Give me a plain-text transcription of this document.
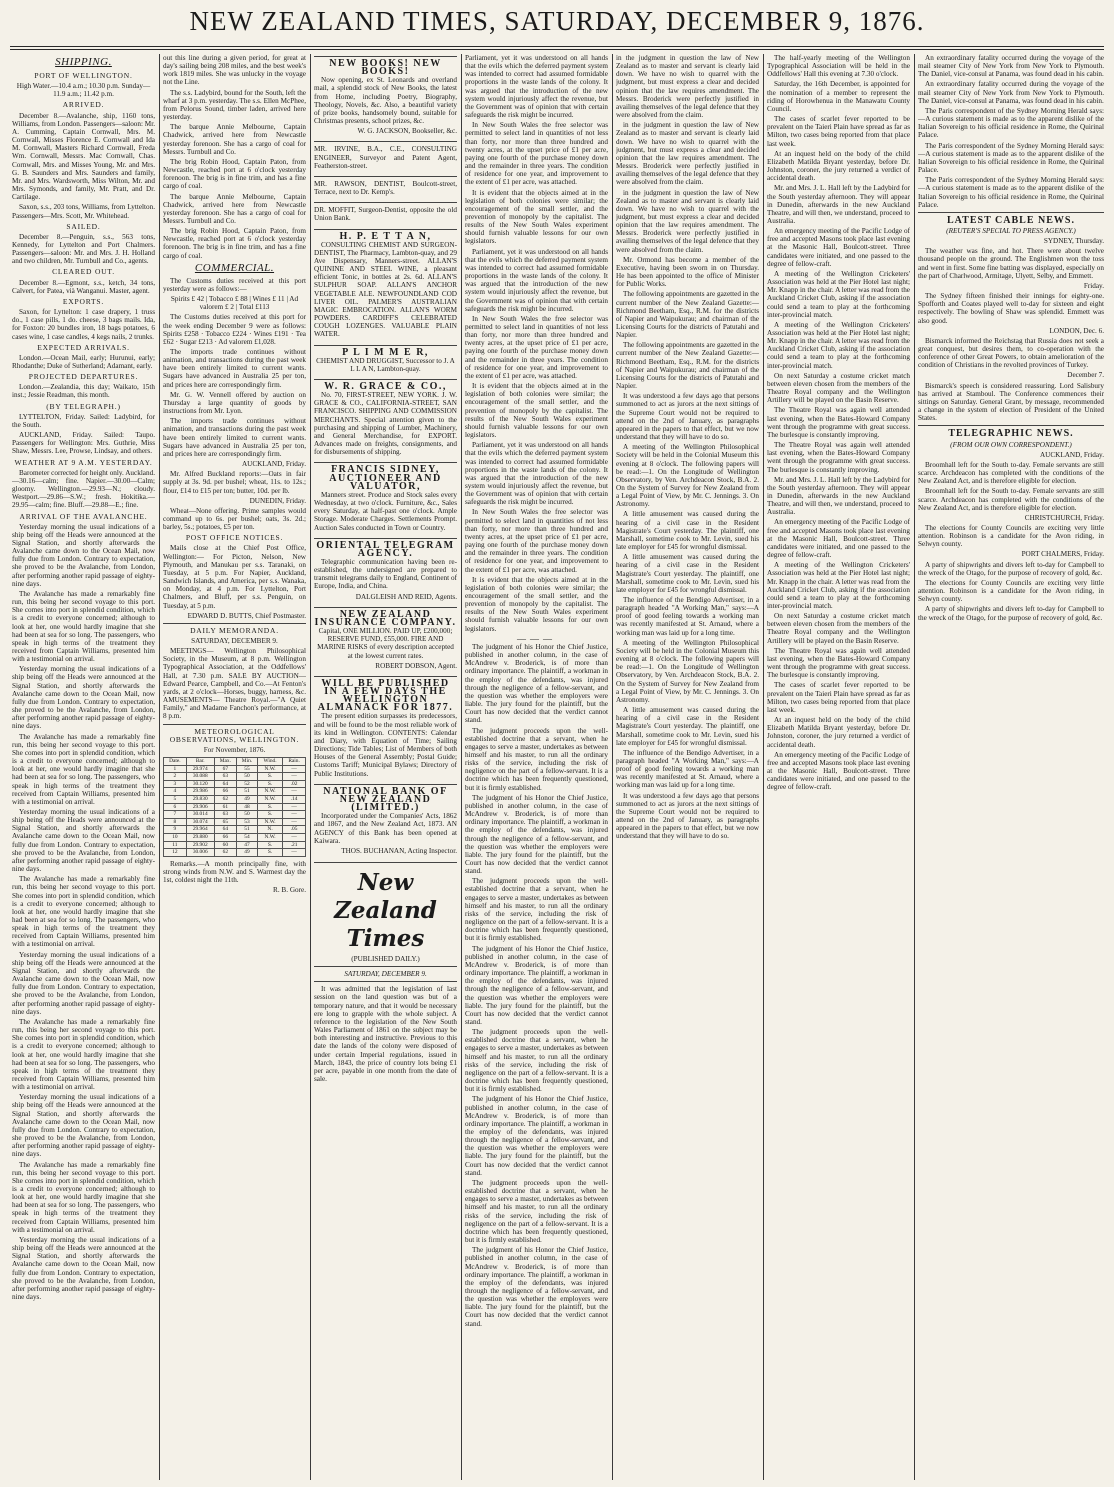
NEW ZEALAND TIMES, SATURDAY, DECEMBER 9, 1876.
SHIPPING.
PORT OF WELLINGTON.

High Water.—10.4 a.m.; 10.30 p.m. Sunday—11.9 a.m.; 11.42 p.m.

ARRIVED.

December 8.—Avalanche, ship, 1160 tons, Williams, from London. Passengers—saloon: Mr. A. Cumming, Captain Cornwall, Mrs. M. Cornwall, Misses Florence E. Cornwall and Ida M. Cornwall, Masters Richard Cornwall, Freda Wm. Cornwall, Messrs. Mac Cornwall, Chas. Cornwall, Mrs. and Misses Young, Mr. and Mrs. G. B. Saunders and Mrs. Saunders and family, Mr. and Mrs. Wardsworth, Miss Wilton, Mr. and Mrs. Symonds, and family, Mr. Pratt, and Dr. Cartilage.

Saxon, s.s., 203 tons, Williams, from Lyttelton. Passengers—Mrs. Scott, Mr. Whitehead.

SAILED.

December 8.—Penguin, s.s., 563 tons, Kennedy, for Lyttelton and Port Chalmers. Passengers—saloon: Mr. and Mrs. J. H. Holland and two children, Mr. Turnbull and Co., agents.

CLEARED OUT.

December 8.—Egmont, s.s., ketch, 34 tons, Calvert, for Patea, vià Wanganui. Master, agent.

EXPORTS.

Saxon, for Lyttelton: 1 case drapery, 1 truss do., 1 case pills, 1 do. cheese, 3 bags mails. Ida, for Foxton: 20 bundles iron, 18 bags potatoes, 6 cases wine, 1 case candles, 4 kegs nails, 2 trunks.

EXPECTED ARRIVALS.

London.—Ocean Mail, early; Hurunui, early; Rhodanthe; Duke of Sutherland; Adamant, early.

PROJECTED DEPARTURES.

London.—Zealandia, this day; Waikato, 15th inst.; Jessie Readman, this month.

(BY TELEGRAPH.)

LYTTELTON, Friday. Sailed: Ladybird, for the South.

AUCKLAND, Friday. Sailed: Taupo. Passengers for Wellington: Mrs. Guthrie, Miss Shaw, Messrs. Lee, Prowse, Lindsay, and others.

WEATHER AT 9 A.M. YESTERDAY.

Barometer corrected for height only. Auckland.—30.16—calm; fine. Napier.—30.00—Calm; gloomy. Wellington.—29.93—N.; cloudy. Westport.—29.86—S.W.; fresh. Hokitika.—29.95—calm; fine. Bluff.—29.88—E.; fine.

ARRIVAL OF THE AVALANCHE.

Yesterday morning the usual indications of a ship being off the Heads were announced at the Signal Station, and shortly afterwards the Avalanche came down to the Ocean Mail, now fully due from London. Contrary to expectation, she proved to be the Avalanche, from London, after performing another rapid passage of eighty-nine days.

The Avalanche has made a remarkably fine run, this being her second voyage to this port. She comes into port in splendid condition, which is a credit to everyone concerned; although to look at her, one would hardly imagine that she had been at sea for so long. The passengers, who speak in high terms of the treatment they received from Captain Williams, presented him with a testimonial on arrival.

Yesterday morning the usual indications of a ship being off the Heads were announced at the Signal Station, and shortly afterwards the Avalanche came down to the Ocean Mail, now fully due from London. Contrary to expectation, she proved to be the Avalanche, from London, after performing another rapid passage of eighty-nine days.

The Avalanche has made a remarkably fine run, this being her second voyage to this port. She comes into port in splendid condition, which is a credit to everyone concerned; although to look at her, one would hardly imagine that she had been at sea for so long. The passengers, who speak in high terms of the treatment they received from Captain Williams, presented him with a testimonial on arrival.

Yesterday morning the usual indications of a ship being off the Heads were announced at the Signal Station, and shortly afterwards the Avalanche came down to the Ocean Mail, now fully due from London. Contrary to expectation, she proved to be the Avalanche, from London, after performing another rapid passage of eighty-nine days.

The Avalanche has made a remarkably fine run, this being her second voyage to this port. She comes into port in splendid condition, which is a credit to everyone concerned; although to look at her, one would hardly imagine that she had been at sea for so long. The passengers, who speak in high terms of the treatment they received from Captain Williams, presented him with a testimonial on arrival.

Yesterday morning the usual indications of a ship being off the Heads were announced at the Signal Station, and shortly afterwards the Avalanche came down to the Ocean Mail, now fully due from London. Contrary to expectation, she proved to be the Avalanche, from London, after performing another rapid passage of eighty-nine days.

The Avalanche has made a remarkably fine run, this being her second voyage to this port. She comes into port in splendid condition, which is a credit to everyone concerned; although to look at her, one would hardly imagine that she had been at sea for so long. The passengers, who speak in high terms of the treatment they received from Captain Williams, presented him with a testimonial on arrival.

Yesterday morning the usual indications of a ship being off the Heads were announced at the Signal Station, and shortly afterwards the Avalanche came down to the Ocean Mail, now fully due from London. Contrary to expectation, she proved to be the Avalanche, from London, after performing another rapid passage of eighty-nine days.

The Avalanche has made a remarkably fine run, this being her second voyage to this port. She comes into port in splendid condition, which is a credit to everyone concerned; although to look at her, one would hardly imagine that she had been at sea for so long. The passengers, who speak in high terms of the treatment they received from Captain Williams, presented him with a testimonial on arrival.

Yesterday morning the usual indications of a ship being off the Heads were announced at the Signal Station, and shortly afterwards the Avalanche came down to the Ocean Mail, now fully due from London. Contrary to expectation, she proved to be the Avalanche, from London, after performing another rapid passage of eighty-nine days.

out this line during a given period, for great at day's sailing being 208 miles, and the best week's work 1819 miles. She was unlucky in the voyage not the Line.

The s.s. Ladybird, bound for the South, left the wharf at 3 p.m. yesterday. The s.s. Ellen McPhee, from Pelorus Sound, timber laden, arrived here yesterday.

The barque Annie Melbourne, Captain Chadwick, arrived here from Newcastle yesterday forenoon. She has a cargo of coal for Messrs. Turnbull and Co.

The brig Robin Hood, Captain Paton, from Newcastle, reached port at 6 o'clock yesterday forenoon. The brig is in fine trim, and has a fine cargo of coal.

The barque Annie Melbourne, Captain Chadwick, arrived here from Newcastle yesterday forenoon. She has a cargo of coal for Messrs. Turnbull and Co.

The brig Robin Hood, Captain Paton, from Newcastle, reached port at 6 o'clock yesterday forenoon. The brig is in fine trim, and has a fine cargo of coal.

COMMERCIAL.

The Customs duties received at this port yesterday were as follows:—

Spirits £ 42 | Tobacco £ 88 | Wines £ 11 | Ad valorem £ 2 | Total £113

The Customs duties received at this port for the week ending December 9 were as follows: Spirits £258 · Tobacco £224 · Wines £191 · Tea £62 · Sugar £213 · Ad valorem £1,028.

The imports trade continues without animation, and transactions during the past week have been entirely limited to current wants. Sugars have advanced in Australia 25 per ton, and prices here are correspondingly firm.

Mr. G. W. Vennell offered by auction on Thursday a large quantity of goods by instructions from Mr. Lyon.

The imports trade continues without animation, and transactions during the past week have been entirely limited to current wants. Sugars have advanced in Australia 25 per ton, and prices here are correspondingly firm.

AUCKLAND, Friday.

Mr. Alfred Buckland reports:—Oats in fair supply at 3s. 9d. per bushel; wheat, 11s. to 12s.; flour, £14 to £15 per ton; butter, 10d. per lb.

DUNEDIN, Friday.

Wheat—None offering. Prime samples would command up to 6s. per bushel; oats, 3s. 2d.; barley, 5s.; potatoes, £5 per ton.

POST OFFICE NOTICES.

Mails close at the Chief Post Office, Wellington:— For Picton, Nelson, New Plymouth, and Manukau per s.s. Taranaki, on Tuesday, at 5 p.m. For Napier, Auckland, Sandwich Islands, and America, per s.s. Wanaka, on Monday, at 4 p.m. For Lyttelton, Port Chalmers, and Bluff, per s.s. Penguin, on Tuesday, at 5 p.m.

EDWARD D. BUTTS, Chief Postmaster.

DAILY MEMORANDA.

SATURDAY, DECEMBER 9.

MEETINGS— Wellington Philosophical Society, in the Museum, at 8 p.m. Wellington Typographical Association, at the Oddfellows' Hall, at 7.30 p.m. SALE BY AUCTION— Edward Pearce, Campbell, and Co.—At Fenton's yards, at 2 o'clock—Horses, buggy, harness, &c. AMUSEMENTS— Theatre Royal.—"A Quiet Family," and Madame Fanchon's performance, at 8 p.m.

METEOROLOGICAL OBSERVATIONS, WELLINGTON.

For November, 1876.

Date.	Bar.	Max.	Min.	Wind.	Rain.
1	29.974	67	55	N.W.	—
2	30.088	63	50	S.	—
3	30.120	64	52	S.	.02
4	29.986	66	51	N.W.	—
5	29.830	62	49	N.W.	.14
6	29.906	61	48	S.	—
7	30.014	63	50	S.	—
8	30.074	65	53	N.W.	—
9	29.964	64	51	N.	.05
10	29.880	66	54	N.W.	—
11	29.902	60	47	S.	.21
12	30.006	62	49	S.	—

Remarks.—A month principally fine, with strong winds from N.W. and S. Warmest day the 1st, coldest night the 11th.

R. B. Gore.

NEW BOOKS! NEW BOOKS!

Now opening, ex St. Leonards and overland mail, a splendid stock of New Books, the latest from Home, including Poetry, Biography, Theology, Novels, &c. Also, a beautiful variety of prize books, handsomely bound, suitable for Christmas presents, school prizes, &c.

W. G. JACKSON, Bookseller, &c.

MR. IRVINE, B.A., C.E., CONSULTING ENGINEER, Surveyor and Patent Agent, Featherston-street.

MR. RAWSON, DENTIST, Boulcott-street, Terrace, next to Dr. Kemp's.

DR. MOFFIT, Surgeon-Dentist, opposite the old Union Bank.

H. P. E T T A N,

CONSULTING CHEMIST AND SURGEON-DENTIST, The Pharmacy, Lambton-quay, and 29 Ave Dispensary, Manners-street. ALLAN'S QUININE AND STEEL WINE, a pleasant efficient Tonic, in bottles at 2s. 6d. ALLAN'S SULPHUR SOAP. ALLAN'S ANCHOR VEGETABLE ALE. NEWFOUNDLAND COD LIVER OIL. PALMER'S AUSTRALIAN MAGIC EMBROCATION. ALLAN'S WORM POWDERS. CARDIFF'S CELEBRATED COUGH LOZENGES. VALUABLE PLAIN WATER.

P L I M M E R,

CHEMIST AND DRUGGIST, Successor to J. A L L A N, Lambton-quay.

W. R. GRACE & CO.,

No. 70, FIRST-STREET, NEW YORK. J. W. GRACE & CO., CALIFORNIA-STREET, SAN FRANCISCO. SHIPPING AND COMMISSION MERCHANTS. Special attention given to the purchasing and shipping of Lumber, Machinery, and General Merchandise, for EXPORT. Advances made on freights, consignments, and for disbursements of shipping.

FRANCIS SIDNEY, AUCTIONEER AND VALUATOR,

Manners street. Produce and Stock sales every Wednesday, at two o'clock. Furniture, &c., Sales every Saturday, at half-past one o'clock. Ample Storage. Moderate Charges. Settlements Prompt. Auction Sales conducted in Town or Country.

ORIENTAL TELEGRAM AGENCY.

Telegraphic communication having been re-established, the undersigned are prepared to transmit telegrams daily to England, Continent of Europe, India, and China.

DALGLEISH AND REID, Agents.

NEW ZEALAND INSURANCE COMPANY.

Capital, ONE MILLION. PAID UP, £200,000; RESERVE FUND, £55,000. FIRE AND MARINE RISKS of every description accepted at the lowest current rates.

ROBERT DOBSON, Agent.

WILL BE PUBLISHED IN A FEW DAYS THE WELLINGTON ALMANACK FOR 1877.

The present edition surpasses its predecessors, and will be found to be the most reliable work of its kind in Wellington. CONTENTS: Calendar and Diary, with Equation of Time; Sailing Directions; Tide Tables; List of Members of both Houses of the General Assembly; Postal Guide; Customs Tariff; Municipal Bylaws; Directory of Public Institutions.

NATIONAL BANK OF NEW ZEALAND (LIMITED.)

Incorporated under the Companies' Acts, 1862 and 1867, and the New Zealand Act, 1873. AN AGENCY of this Bank has been opened at Kaiwara.

THOS. BUCHANAN, Acting Inspector.

New Zealand Times

(PUBLISHED DAILY.)

SATURDAY, DECEMBER 9.

It was admitted that the legislation of last session on the land question was but of a temporary nature, and that it would be necessary ere long to grapple with the whole subject. A reference to the legislation of the New South Wales Parliament of 1861 on the subject may be both interesting and instructive. Previous to this date the lands of the colony were disposed of under certain Imperial regulations, issued in March, 1843, the price of country lots being £1 per acre, payable in one month from the date of sale.

Parliament, yet it was understood on all hands that the evils which the deferred payment system was intended to correct had assumed formidable proportions in the waste lands of the colony. It was argued that the introduction of the new system would injuriously affect the revenue, but the Government was of opinion that with certain safeguards the risk might be incurred.

In New South Wales the free selector was permitted to select land in quantities of not less than forty, nor more than three hundred and twenty acres, at the upset price of £1 per acre, paying one fourth of the purchase money down and the remainder in three years. The condition of residence for one year, and improvement to the extent of £1 per acre, was attached.

It is evident that the objects aimed at in the legislation of both colonies were similar; the encouragement of the small settler, and the prevention of monopoly by the capitalist. The results of the New South Wales experiment should furnish valuable lessons for our own legislators.

Parliament, yet it was understood on all hands that the evils which the deferred payment system was intended to correct had assumed formidable proportions in the waste lands of the colony. It was argued that the introduction of the new system would injuriously affect the revenue, but the Government was of opinion that with certain safeguards the risk might be incurred.

In New South Wales the free selector was permitted to select land in quantities of not less than forty, nor more than three hundred and twenty acres, at the upset price of £1 per acre, paying one fourth of the purchase money down and the remainder in three years. The condition of residence for one year, and improvement to the extent of £1 per acre, was attached.

It is evident that the objects aimed at in the legislation of both colonies were similar; the encouragement of the small settler, and the prevention of monopoly by the capitalist. The results of the New South Wales experiment should furnish valuable lessons for our own legislators.

Parliament, yet it was understood on all hands that the evils which the deferred payment system was intended to correct had assumed formidable proportions in the waste lands of the colony. It was argued that the introduction of the new system would injuriously affect the revenue, but the Government was of opinion that with certain safeguards the risk might be incurred.

In New South Wales the free selector was permitted to select land in quantities of not less than forty, nor more than three hundred and twenty acres, at the upset price of £1 per acre, paying one fourth of the purchase money down and the remainder in three years. The condition of residence for one year, and improvement to the extent of £1 per acre, was attached.

It is evident that the objects aimed at in the legislation of both colonies were similar; the encouragement of the small settler, and the prevention of monopoly by the capitalist. The results of the New South Wales experiment should furnish valuable lessons for our own legislators.

———

The judgment of his Honor the Chief Justice, published in another column, in the case of McAndrew v. Broderick, is of more than ordinary importance. The plaintiff, a workman in the employ of the defendants, was injured through the negligence of a fellow-servant, and the question was whether the employers were liable. The jury found for the plaintiff, but the Court has now decided that the verdict cannot stand.

The judgment proceeds upon the well-established doctrine that a servant, when he engages to serve a master, undertakes as between himself and his master, to run all the ordinary risks of the service, including the risk of negligence on the part of a fellow-servant. It is a doctrine which has been frequently questioned, but it is firmly established.

The judgment of his Honor the Chief Justice, published in another column, in the case of McAndrew v. Broderick, is of more than ordinary importance. The plaintiff, a workman in the employ of the defendants, was injured through the negligence of a fellow-servant, and the question was whether the employers were liable. The jury found for the plaintiff, but the Court has now decided that the verdict cannot stand.

The judgment proceeds upon the well-established doctrine that a servant, when he engages to serve a master, undertakes as between himself and his master, to run all the ordinary risks of the service, including the risk of negligence on the part of a fellow-servant. It is a doctrine which has been frequently questioned, but it is firmly established.

The judgment of his Honor the Chief Justice, published in another column, in the case of McAndrew v. Broderick, is of more than ordinary importance. The plaintiff, a workman in the employ of the defendants, was injured through the negligence of a fellow-servant, and the question was whether the employers were liable. The jury found for the plaintiff, but the Court has now decided that the verdict cannot stand.

The judgment proceeds upon the well-established doctrine that a servant, when he engages to serve a master, undertakes as between himself and his master, to run all the ordinary risks of the service, including the risk of negligence on the part of a fellow-servant. It is a doctrine which has been frequently questioned, but it is firmly established.

The judgment of his Honor the Chief Justice, published in another column, in the case of McAndrew v. Broderick, is of more than ordinary importance. The plaintiff, a workman in the employ of the defendants, was injured through the negligence of a fellow-servant, and the question was whether the employers were liable. The jury found for the plaintiff, but the Court has now decided that the verdict cannot stand.

The judgment proceeds upon the well-established doctrine that a servant, when he engages to serve a master, undertakes as between himself and his master, to run all the ordinary risks of the service, including the risk of negligence on the part of a fellow-servant. It is a doctrine which has been frequently questioned, but it is firmly established.

The judgment of his Honor the Chief Justice, published in another column, in the case of McAndrew v. Broderick, is of more than ordinary importance. The plaintiff, a workman in the employ of the defendants, was injured through the negligence of a fellow-servant, and the question was whether the employers were liable. The jury found for the plaintiff, but the Court has now decided that the verdict cannot stand.

in the judgment in question the law of New Zealand as to master and servant is clearly laid down. We have no wish to quarrel with the judgment, but must express a clear and decided opinion that the law requires amendment. The Messrs. Broderick were perfectly justified in availing themselves of the legal defence that they were absolved from the claim.

in the judgment in question the law of New Zealand as to master and servant is clearly laid down. We have no wish to quarrel with the judgment, but must express a clear and decided opinion that the law requires amendment. The Messrs. Broderick were perfectly justified in availing themselves of the legal defence that they were absolved from the claim.

in the judgment in question the law of New Zealand as to master and servant is clearly laid down. We have no wish to quarrel with the judgment, but must express a clear and decided opinion that the law requires amendment. The Messrs. Broderick were perfectly justified in availing themselves of the legal defence that they were absolved from the claim.

Mr. Ormond has become a member of the Executive, having been sworn in on Thursday. He has been appointed to the office of Minister for Public Works.

The following appointments are gazetted in the current number of the New Zealand Gazette:—Richmond Beetham, Esq., R.M. for the districts of Napier and Waipukurau; and chairman of the Licensing Courts for the districts of Patutahi and Napier.

The following appointments are gazetted in the current number of the New Zealand Gazette:—Richmond Beetham, Esq., R.M. for the districts of Napier and Waipukurau; and chairman of the Licensing Courts for the districts of Patutahi and Napier.

It was understood a few days ago that persons summoned to act as jurors at the next sittings of the Supreme Court would not be required to attend on the 2nd of January, as paragraphs appeared in the papers to that effect, but we now understand that they will have to do so.

A meeting of the Wellington Philosophical Society will be held in the Colonial Museum this evening at 8 o'clock. The following papers will be read:—1. On the Longitude of Wellington Observatory, by Ven. Archdeacon Stock, B.A. 2. On the System of Survey for New Zealand from a Legal Point of View, by Mr. C. Jennings. 3. On Astronomy.

A little amusement was caused during the hearing of a civil case in the Resident Magistrate's Court yesterday. The plaintiff, one Marshall, sometime cook to Mr. Levin, sued his late employer for £45 for wrongful dismissal.

A little amusement was caused during the hearing of a civil case in the Resident Magistrate's Court yesterday. The plaintiff, one Marshall, sometime cook to Mr. Levin, sued his late employer for £45 for wrongful dismissal.

The influence of the Bendigo Advertiser, in a paragraph headed "A Working Man," says:—A proof of good feeling towards a working man was recently manifested at St. Arnaud, where a working man was laid up for a long time.

A meeting of the Wellington Philosophical Society will be held in the Colonial Museum this evening at 8 o'clock. The following papers will be read:—1. On the Longitude of Wellington Observatory, by Ven. Archdeacon Stock, B.A. 2. On the System of Survey for New Zealand from a Legal Point of View, by Mr. C. Jennings. 3. On Astronomy.

A little amusement was caused during the hearing of a civil case in the Resident Magistrate's Court yesterday. The plaintiff, one Marshall, sometime cook to Mr. Levin, sued his late employer for £45 for wrongful dismissal.

The influence of the Bendigo Advertiser, in a paragraph headed "A Working Man," says:—A proof of good feeling towards a working man was recently manifested at St. Arnaud, where a working man was laid up for a long time.

It was understood a few days ago that persons summoned to act as jurors at the next sittings of the Supreme Court would not be required to attend on the 2nd of January, as paragraphs appeared in the papers to that effect, but we now understand that they will have to do so.

The half-yearly meeting of the Wellington Typographical Association will be held in the Oddfellows' Hall this evening at 7.30 o'clock.

Saturday, the 16th December, is appointed for the nomination of a member to represent the riding of Horowhenua in the Manawatu County Council.

The cases of scarlet fever reported to be prevalent on the Taieri Plain have spread as far as Milton, two cases being reported from that place last week.

At an inquest held on the body of the child Elizabeth Matilda Bryant yesterday, before Dr. Johnston, coroner, the jury returned a verdict of accidental death.

Mr. and Mrs. J. L. Hall left by the Ladybird for the South yesterday afternoon. They will appear in Dunedin, afterwards in the new Auckland Theatre, and will then, we understand, proceed to Australia.

An emergency meeting of the Pacific Lodge of free and accepted Masons took place last evening at the Masonic Hall, Boulcott-street. Three candidates were initiated, and one passed to the degree of fellow-craft.

A meeting of the Wellington Cricketers' Association was held at the Pier Hotel last night; Mr. Knapp in the chair. A letter was read from the Auckland Cricket Club, asking if the association could send a team to play at the forthcoming inter-provincial match.

A meeting of the Wellington Cricketers' Association was held at the Pier Hotel last night; Mr. Knapp in the chair. A letter was read from the Auckland Cricket Club, asking if the association could send a team to play at the forthcoming inter-provincial match.

On next Saturday a costume cricket match between eleven chosen from the members of the Theatre Royal company and the Wellington Artillery will be played on the Basin Reserve.

The Theatre Royal was again well attended last evening, when the Bates-Howard Company went through the programme with great success. The burlesque is constantly improving.

The Theatre Royal was again well attended last evening, when the Bates-Howard Company went through the programme with great success. The burlesque is constantly improving.

Mr. and Mrs. J. L. Hall left by the Ladybird for the South yesterday afternoon. They will appear in Dunedin, afterwards in the new Auckland Theatre, and will then, we understand, proceed to Australia.

An emergency meeting of the Pacific Lodge of free and accepted Masons took place last evening at the Masonic Hall, Boulcott-street. Three candidates were initiated, and one passed to the degree of fellow-craft.

A meeting of the Wellington Cricketers' Association was held at the Pier Hotel last night; Mr. Knapp in the chair. A letter was read from the Auckland Cricket Club, asking if the association could send a team to play at the forthcoming inter-provincial match.

On next Saturday a costume cricket match between eleven chosen from the members of the Theatre Royal company and the Wellington Artillery will be played on the Basin Reserve.

The Theatre Royal was again well attended last evening, when the Bates-Howard Company went through the programme with great success. The burlesque is constantly improving.

The cases of scarlet fever reported to be prevalent on the Taieri Plain have spread as far as Milton, two cases being reported from that place last week.

At an inquest held on the body of the child Elizabeth Matilda Bryant yesterday, before Dr. Johnston, coroner, the jury returned a verdict of accidental death.

An emergency meeting of the Pacific Lodge of free and accepted Masons took place last evening at the Masonic Hall, Boulcott-street. Three candidates were initiated, and one passed to the degree of fellow-craft.

An extraordinary fatality occurred during the voyage of the mail steamer City of New York from New York to Plymouth. The Daniel, vice-consul at Panama, was found dead in his cabin.

An extraordinary fatality occurred during the voyage of the mail steamer City of New York from New York to Plymouth. The Daniel, vice-consul at Panama, was found dead in his cabin.

The Paris correspondent of the Sydney Morning Herald says:—A curious statement is made as to the apparent dislike of the Italian Sovereign to his official residence in Rome, the Quirinal Palace.

The Paris correspondent of the Sydney Morning Herald says:—A curious statement is made as to the apparent dislike of the Italian Sovereign to his official residence in Rome, the Quirinal Palace.

The Paris correspondent of the Sydney Morning Herald says:—A curious statement is made as to the apparent dislike of the Italian Sovereign to his official residence in Rome, the Quirinal Palace.

LATEST CABLE NEWS.

(REUTER'S SPECIAL TO PRESS AGENCY.)

SYDNEY, Thursday.

The weather was fine, and hot. There were about twelve thousand people on the ground. The Englishmen won the toss and went in first. Some fine batting was displayed, especially on the part of Charlwood, Armitage, Ulyett, Selby, and Emmett.

Friday.

The Sydney fifteen finished their innings for eighty-one. Spofforth and Coates played well to-day for sixteen and eight respectively. The bowling of Shaw was splendid. Emmett was also good.

LONDON, Dec. 6.

Bismarck informed the Reichstag that Russia does not seek a great conquest, but desires them, to co-operation with the conference of other Great Powers, to obtain amelioration of the condition of Christians in the revolted provinces of Turkey.

December 7.

Bismarck's speech is considered reassuring. Lord Salisbury has arrived at Stamboul. The Conference commences their sittings on Saturday. General Grant, by message, recommended a change in the system of election of President of the United States.

TELEGRAPHIC NEWS.

(FROM OUR OWN CORRESPONDENT.)

AUCKLAND, Friday.

Broomhall left for the South to-day. Female servants are still scarce. Archdeacon has completed with the conditions of the New Zealand Act, and is therefore eligible for election.

Broomhall left for the South to-day. Female servants are still scarce. Archdeacon has completed with the conditions of the New Zealand Act, and is therefore eligible for election.

CHRISTCHURCH, Friday.

The elections for County Councils are exciting very little attention. Robinson is a candidate for the Avon riding, in Selwyn county.

PORT CHALMERS, Friday.

A party of shipwrights and divers left to-day for Campbell to the wreck of the Otago, for the purpose of recovery of gold, &c.

The elections for County Councils are exciting very little attention. Robinson is a candidate for the Avon riding, in Selwyn county.

A party of shipwrights and divers left to-day for Campbell to the wreck of the Otago, for the purpose of recovery of gold, &c.
